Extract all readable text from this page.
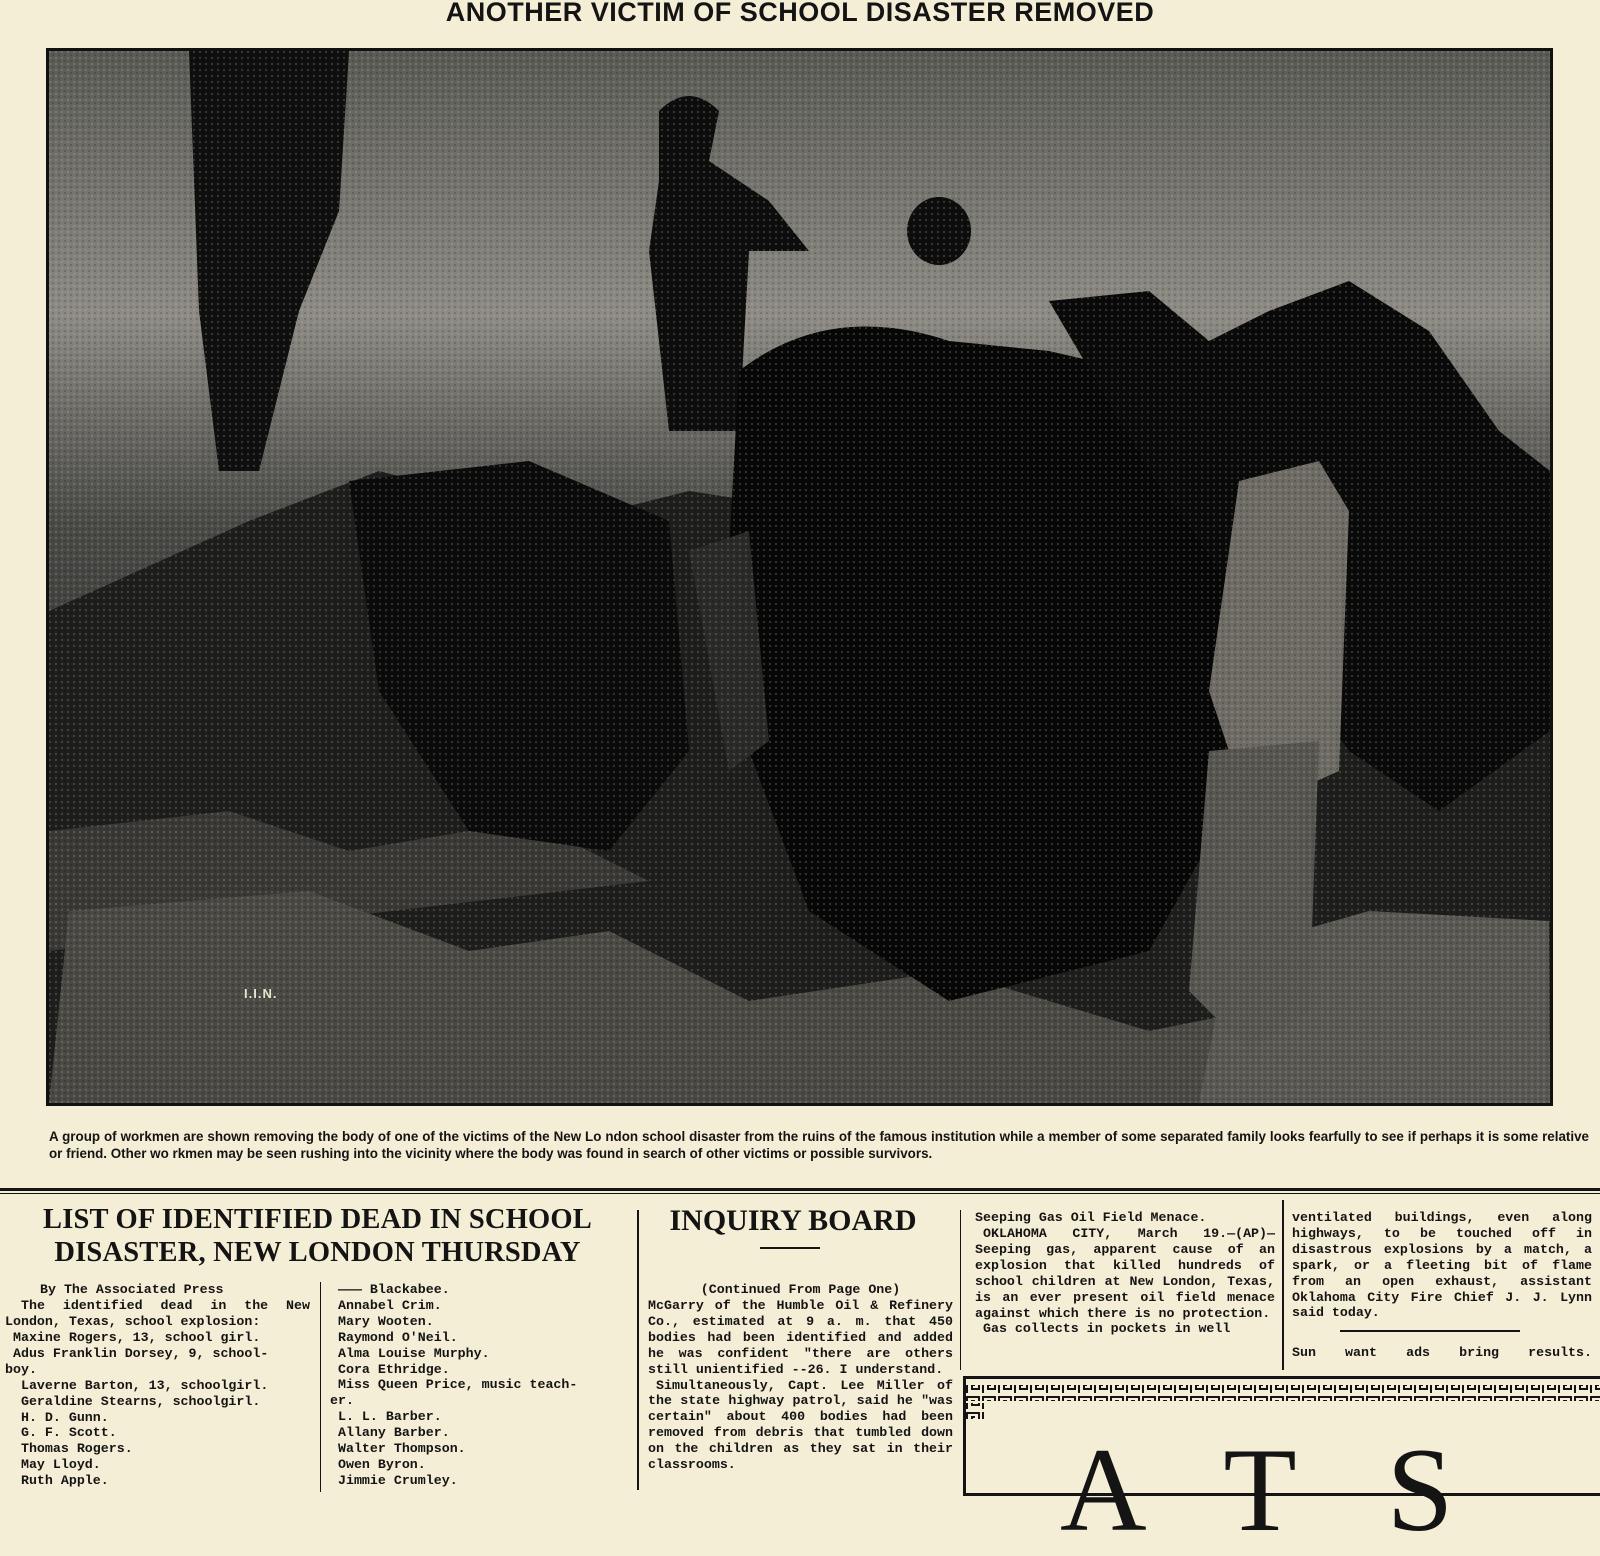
ANOTHER VICTIM OF SCHOOL DISASTER REMOVED
I.I.N.
A group of workmen are shown removing the body of one of the victims of the New Lo ndon school disaster from the ruins of the famous institution while a member of some separated family looks fearfully to see if perhaps it is some relative or friend. Other wo rkmen may be seen rushing into the vicinity where the body was found in search of other victims or possible survivors.
LIST OF IDENTIFIED DEAD IN SCHOOL DISASTER, NEW LONDON THURSDAY
By The Associated Press
The identified dead in the New London, Texas, school explosion:
Maxine Rogers, 13, school girl.
Adus Franklin Dorsey, 9, school-
boy.
Laverne Barton, 13, schoolgirl.
Geraldine Stearns, schoolgirl.
H. D. Gunn.
G. F. Scott.
Thomas Rogers.
May Lloyd.
Ruth Apple.
——— Blackabee.
Annabel Crim.
Mary Wooten.
Raymond O'Neil.
Alma Louise Murphy.
Cora Ethridge.
Miss Queen Price, music teach-
er.
L. L. Barber.
Allany Barber.
Walter Thompson.
Owen Byron.
Jimmie Crumley.
INQUIRY BOARD
(Continued From Page One)

McGarry of the Humble Oil & Refinery Co., estimated at 9 a. m. that 450 bodies had been identified and added he was confident "there are others still unientified --26. I understand.

Simultaneously, Capt. Lee Miller of the state highway patrol, said he "was certain" about 400 bodies had been removed from debris that tumbled down on the children as they sat in their classrooms.

Seeping Gas Oil Field Menace.

OKLAHOMA CITY, March 19.—(AP)—Seeping gas, apparent cause of an explosion that killed hundreds of school children at New London, Texas, is an ever present oil field menace against which there is no protection.

Gas collects in pockets in well

ventilated buildings, even along highways, to be touched off in disastrous explosions by a match, a spark, or a fleeting bit of flame from an open exhaust, assistant Oklahoma City Fire Chief J. J. Lynn said today.
Sun want ads bring results.
ATS
